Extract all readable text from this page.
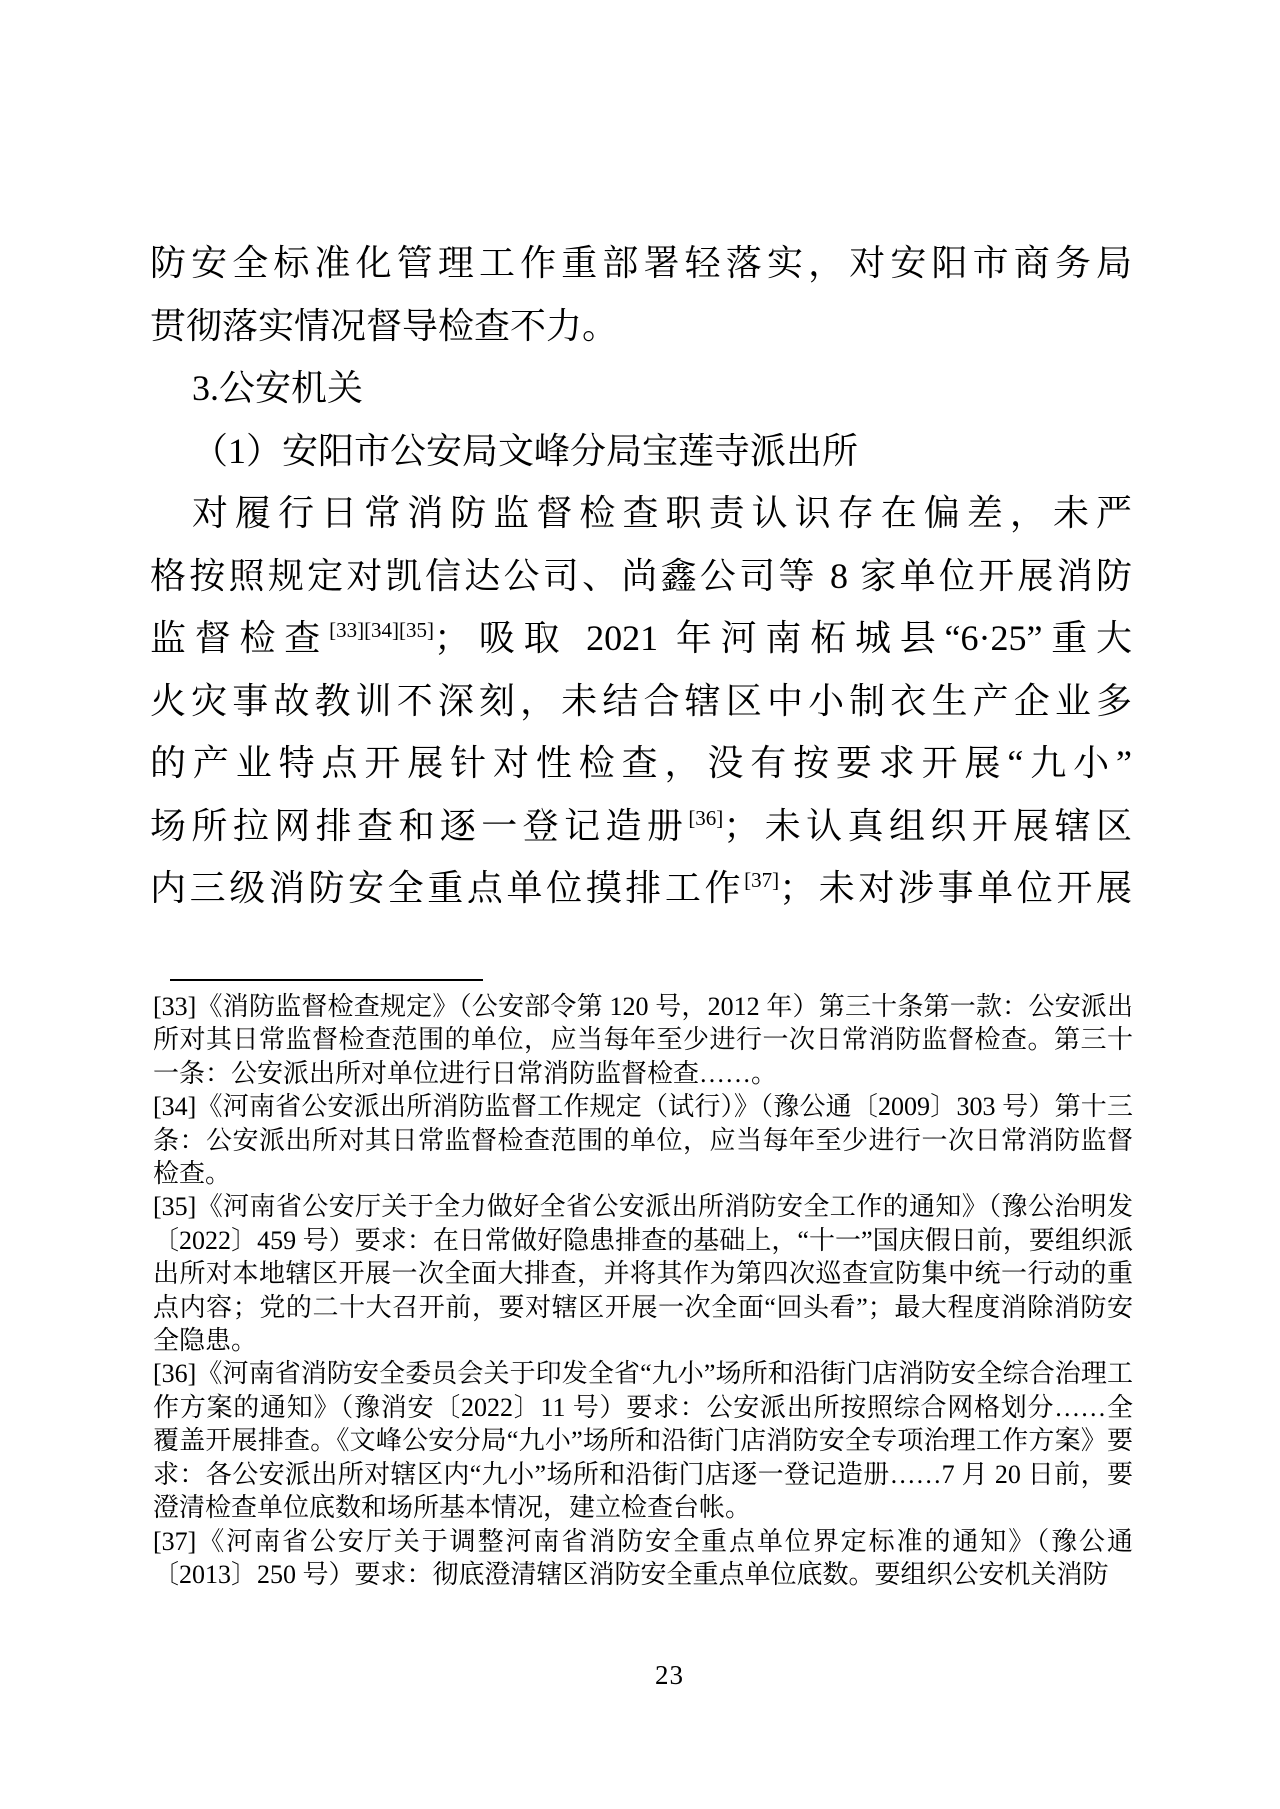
防安全标准化管理工作重部署轻落实，对安阳市商务局
贯彻落实情况督导检查不力。
3.公安机关
（1）安阳市公安局文峰分局宝莲寺派出所
对履行日常消防监督检查职责认识存在偏差，未严
格按照规定对凯信达公司、尚鑫公司等 8 家单位开展消防
监督检查[33][34][35]；吸取 2021 年河南柘城县“6·25”重大
火灾事故教训不深刻，未结合辖区中小制衣生产企业多
的产业特点开展针对性检查，没有按要求开展“九小”
场所拉网排查和逐一登记造册[36]；未认真组织开展辖区
内三级消防安全重点单位摸排工作[37]；未对涉事单位开展

[33]《消防监督检查规定》（公安部令第 120 号，2012 年）第三十条第一款：公安派出所对其日常监督检查范围的单位，应当每年至少进行一次日常消防监督检查。第三十一条：公安派出所对单位进行日常消防监督检查……。

[34]《河南省公安派出所消防监督工作规定（试行）》（豫公通〔2009〕303 号）第十三条：公安派出所对其日常监督检查范围的单位，应当每年至少进行一次日常消防监督检查。

[35]《河南省公安厅关于全力做好全省公安派出所消防安全工作的通知》（豫公治明发〔2022〕459 号）要求：在日常做好隐患排查的基础上，“十一”国庆假日前，要组织派出所对本地辖区开展一次全面大排查，并将其作为第四次巡查宣防集中统一行动的重点内容；党的二十大召开前，要对辖区开展一次全面“回头看”；最大程度消除消防安全隐患。

[36]《河南省消防安全委员会关于印发全省“九小”场所和沿街门店消防安全综合治理工作方案的通知》（豫消安〔2022〕11 号）要求：公安派出所按照综合网格划分……全覆盖开展排查。《文峰公安分局“九小”场所和沿街门店消防安全专项治理工作方案》要求：各公安派出所对辖区内“九小”场所和沿街门店逐一登记造册……7 月 20 日前，要澄清检查单位底数和场所基本情况，建立检查台帐。

[37]《河南省公安厅关于调整河南省消防安全重点单位界定标准的通知》（豫公通〔2013〕250 号）要求：彻底澄清辖区消防安全重点单位底数。要组织公安机关消防

23
